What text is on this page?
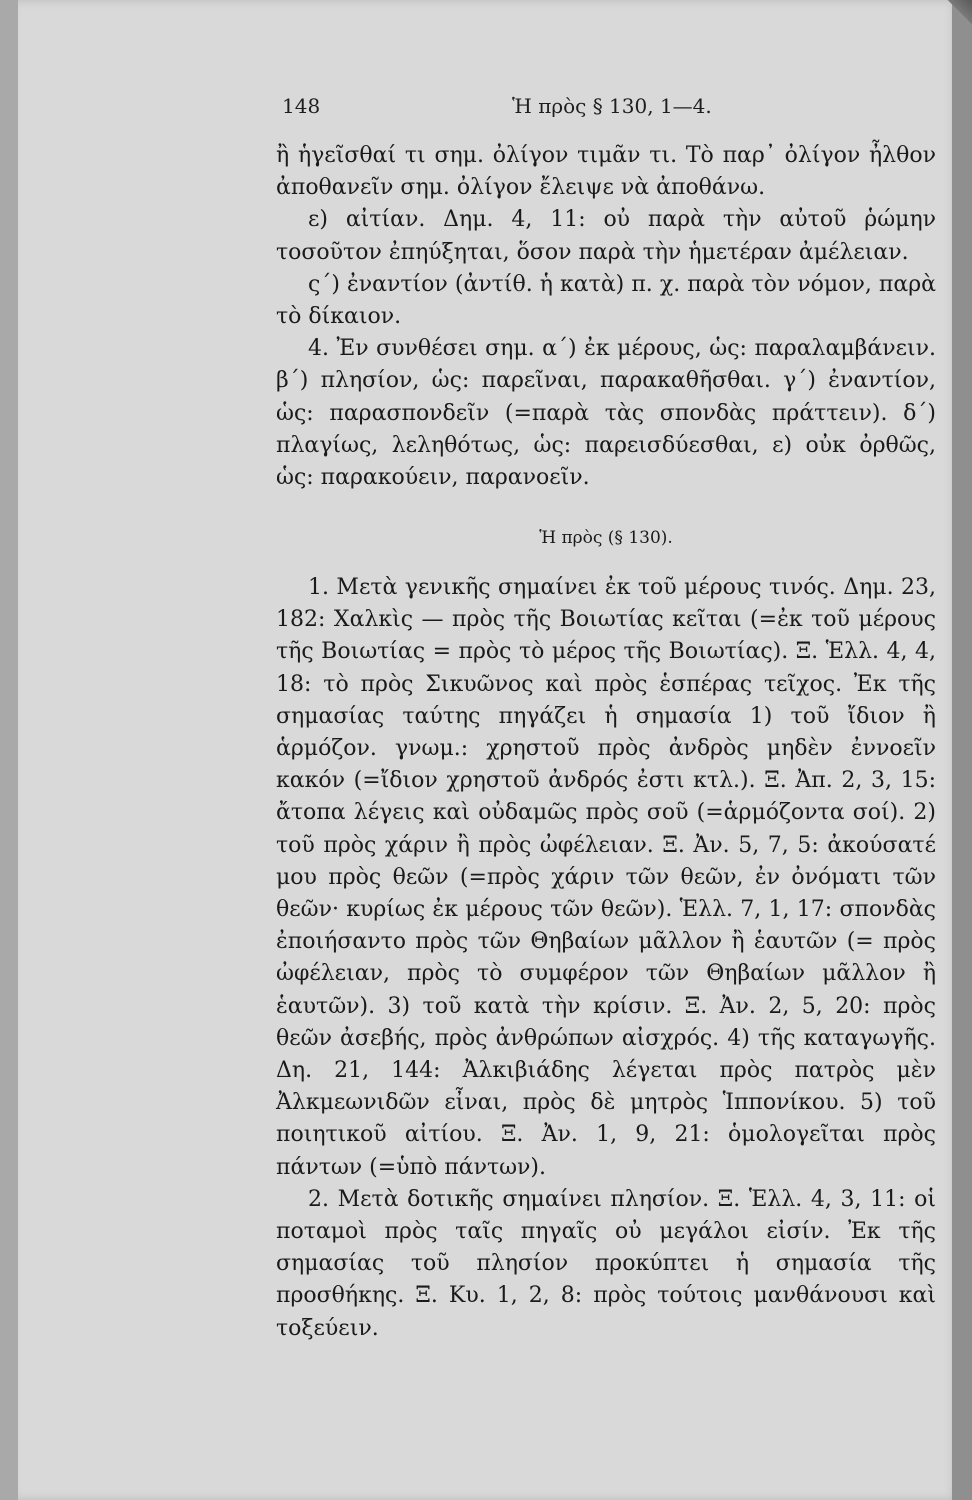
148	Ἡ πρὸς § 130, 1—4.

ἢ ἡγεῖσθαί τι σημ. ὀλίγον τιμᾶν τι. Τὸ παρ᾽ ὀλίγον ἦλθον ἀποθανεῖν σημ. ὀλίγον ἔλειψε νὰ ἀποθάνω.

ε) αἰτίαν. Δημ. 4, 11: οὐ παρὰ τὴν αὐτοῦ ῥώμην τοσοῦτον ἐπηύξηται, ὅσον παρὰ τὴν ἡμετέραν ἀμέλειαν.

ς΄) ἐναντίον (ἀντίθ. ἡ κατὰ) π. χ. παρὰ τὸν νόμον, παρὰ τὸ δίκαιον.

4. Ἐν συνθέσει σημ. α΄) ἐκ μέρους, ὡς: παραλαμβάνειν. β΄) πλησίον, ὡς: παρεῖναι, παρακαθῆσθαι. γ΄) ἐναντίον, ὡς: παρασπονδεῖν (=παρὰ τὰς σπονδὰς πράττειν). δ΄) πλαγίως, λεληθότως, ὡς: παρεισδύεσθαι, ε) οὐκ ὀρθῶς, ὡς: παρακούειν, παρανοεῖν.

Ἡ πρὸς (§ 130).

1. Μετὰ γενικῆς σημαίνει ἐκ τοῦ μέρους τινός. Δημ. 23, 182: Χαλκὶς — πρὸς τῆς Βοιωτίας κεῖται (=ἐκ τοῦ μέρους τῆς Βοιωτίας = πρὸς τὸ μέρος τῆς Βοιωτίας). Ξ. Ἑλλ. 4, 4, 18: τὸ πρὸς Σικυῶνος καὶ πρὸς ἑσπέρας τεῖχος. Ἐκ τῆς σημασίας ταύτης πηγάζει ἡ σημασία 1) τοῦ ἴδιον ἢ ἁρμόζον. γνωμ.: χρηστοῦ πρὸς ἀνδρὸς μηδὲν ἐννοεῖν κακόν (=ἴδιον χρηστοῦ ἀνδρός ἐστι κτλ.). Ξ. Ἀπ. 2, 3, 15: ἄτοπα λέγεις καὶ οὐδαμῶς πρὸς σοῦ (=ἁρμόζοντα σοί). 2) τοῦ πρὸς χάριν ἢ πρὸς ὠφέλειαν. Ξ. Ἀν. 5, 7, 5: ἀκούσατέ μου πρὸς θεῶν (=πρὸς χάριν τῶν θεῶν, ἐν ὀνόματι τῶν θεῶν· κυρίως ἐκ μέρους τῶν θεῶν). Ἑλλ. 7, 1, 17: σπονδὰς ἐποιήσαντο πρὸς τῶν Θηβαίων μᾶλλον ἢ ἑαυτῶν (= πρὸς ὠφέλειαν, πρὸς τὸ συμφέρον τῶν Θηβαίων μᾶλλον ἢ ἑαυτῶν). 3) τοῦ κατὰ τὴν κρίσιν. Ξ. Ἀν. 2, 5, 20: πρὸς θεῶν ἀσεβής, πρὸς ἀνθρώπων αἰσχρός. 4) τῆς καταγωγῆς. Δη. 21, 144: Ἀλκιβιάδης λέγεται πρὸς πατρὸς μὲν Ἀλκμεωνιδῶν εἶναι, πρὸς δὲ μητρὸς Ἱππονίκου. 5) τοῦ ποιητικοῦ αἰτίου. Ξ. Ἀν. 1, 9, 21: ὁμολογεῖται πρὸς πάντων (=ὑπὸ πάντων).

2. Μετὰ δοτικῆς σημαίνει πλησίον. Ξ. Ἑλλ. 4, 3, 11: οἱ ποταμοὶ πρὸς ταῖς πηγαῖς οὐ μεγάλοι εἰσίν. Ἐκ τῆς σημασίας τοῦ πλησίον προκύπτει ἡ σημασία τῆς προσθήκης. Ξ. Κυ. 1, 2, 8: πρὸς τούτοις μανθάνουσι καὶ τοξεύειν.
